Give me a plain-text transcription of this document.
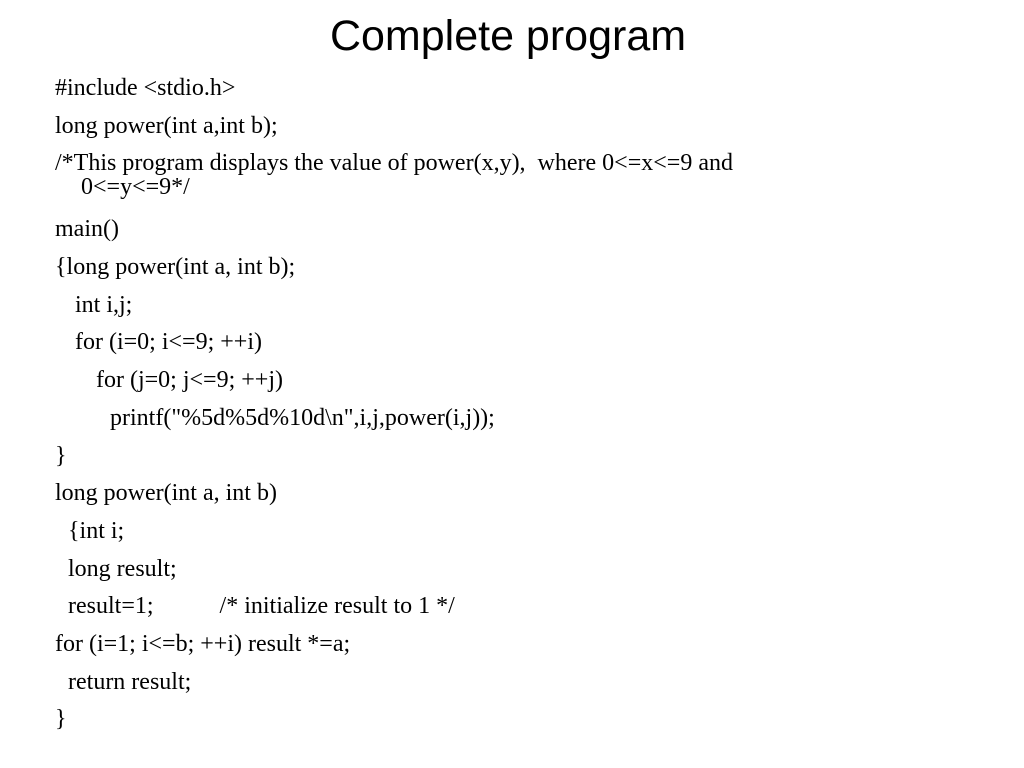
Complete program
#include <stdio.h>
long power(int a,int b);
/*This program displays the value of power(x,y),  where 0<=x<=9 and
0<=y<=9*/
main()
{long power(int a, int b);
int i,j;
for (i=0; i<=9; ++i)
for (j=0; j<=9; ++j)
printf("%5d%5d%10d\n",i,j,power(i,j));
}
long power(int a, int b)
{int i;
long result;
result=1;           /* initialize result to 1 */
for (i=1; i<=b; ++i) result *=a;
return result;
}
